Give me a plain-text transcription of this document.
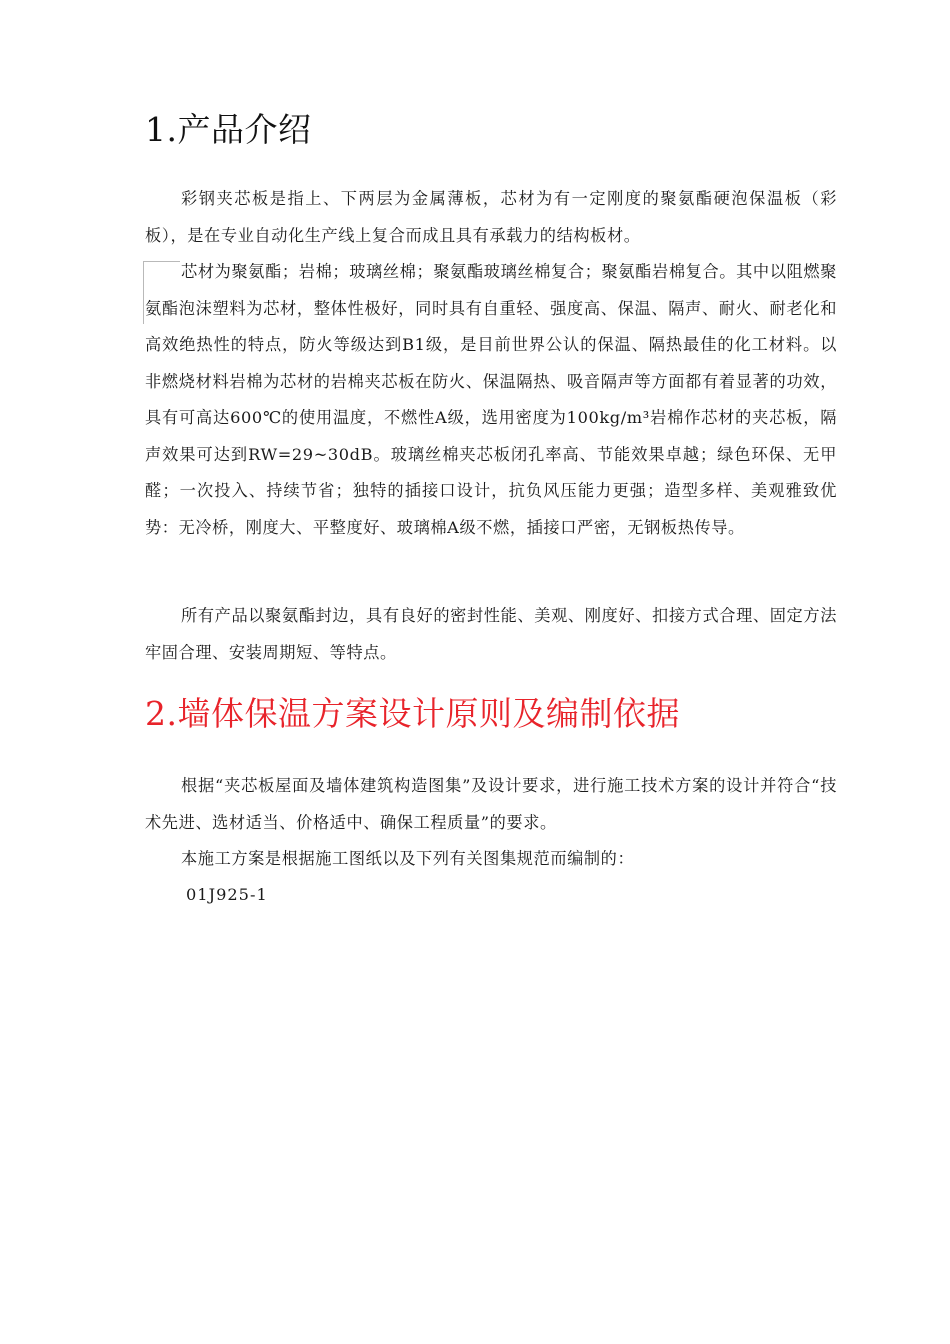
1.产品介绍

彩钢夹芯板是指上、下两层为金属薄板，芯材为有一定刚度的聚氨酯硬泡保温板（彩板），是在专业自动化生产线上复合而成且具有承载力的结构板材。

芯材为聚氨酯；岩棉；玻璃丝棉；聚氨酯玻璃丝棉复合；聚氨酯岩棉复合。其中以阻燃聚氨酯泡沫塑料为芯材，整体性极好，同时具有自重轻、强度高、保温、隔声、耐火、耐老化和高效绝热性的特点，防火等级达到B1级，是目前世界公认的保温、隔热最佳的化工材料。以非燃烧材料岩棉为芯材的岩棉夹芯板在防火、保温隔热、吸音隔声等方面都有着显著的功效，具有可高达600℃的使用温度，不燃性A级，选用密度为100kg/m³岩棉作芯材的夹芯板，隔声效果可达到RW=29~30dB。玻璃丝棉夹芯板闭孔率高、节能效果卓越；绿色环保、无甲醛；一次投入、持续节省；独特的插接口设计，抗负风压能力更强；造型多样、美观雅致优势：无冷桥，刚度大、平整度好、玻璃棉A级不燃，插接口严密，无钢板热传导。

所有产品以聚氨酯封边，具有良好的密封性能、美观、刚度好、扣接方式合理、固定方法牢固合理、安装周期短、等特点。

2.墙体保温方案设计原则及编制依据

根据“夹芯板屋面及墙体建筑构造图集”及设计要求，进行施工技术方案的设计并符合“技术先进、选材适当、价格适中、确保工程质量”的要求。

本施工方案是根据施工图纸以及下列有关图集规范而编制的：

01J925-1
